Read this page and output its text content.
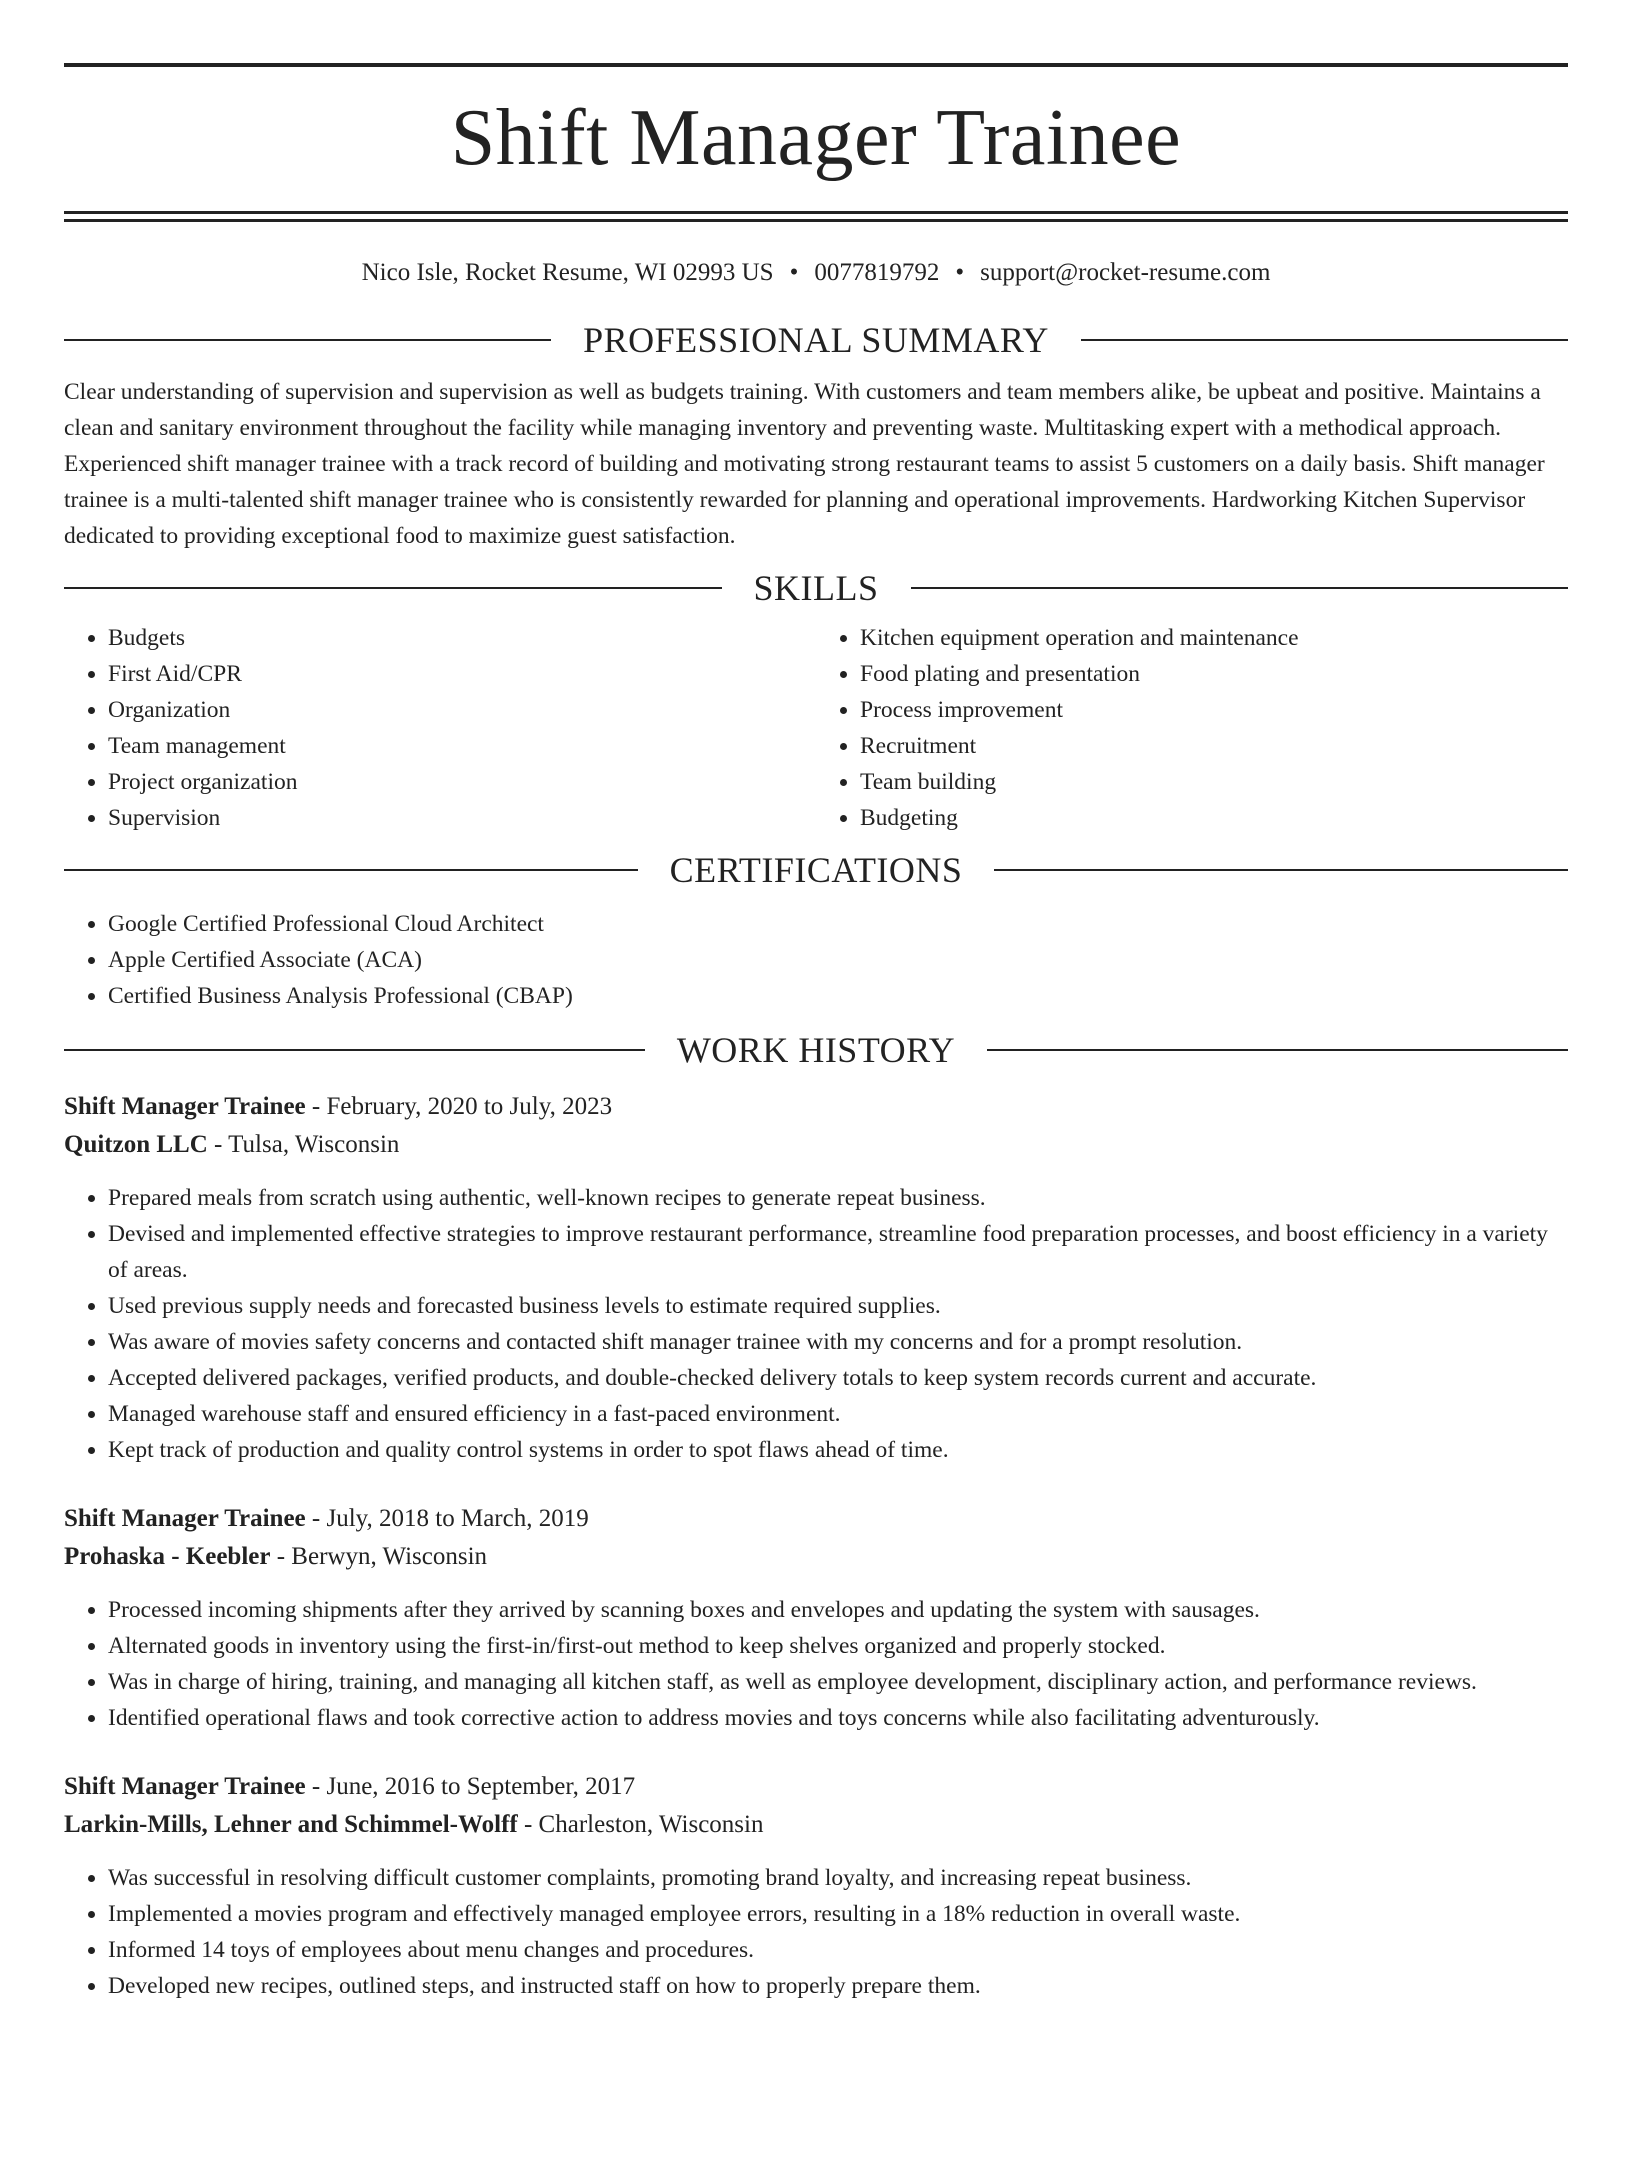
Shift Manager Trainee
Nico Isle, Rocket Resume, WI 02993 US • 0077819792 • support@rocket-resume.com
PROFESSIONAL SUMMARY

Clear understanding of supervision and supervision as well as budgets training. With customers and team members alike, be upbeat and positive. Maintains a clean and sanitary environment throughout the facility while managing inventory and preventing waste. Multitasking expert with a methodical approach. Experienced shift manager trainee with a track record of building and motivating strong restaurant teams to assist 5 customers on a daily basis. Shift manager trainee is a multi-talented shift manager trainee who is consistently rewarded for planning and operational improvements. Hardworking Kitchen Supervisor dedicated to providing exceptional food to maximize guest satisfaction.

SKILLS
• Budgets
• First Aid/CPR
• Organization
• Team management
• Project organization
• Supervision
• Kitchen equipment operation and maintenance
• Food plating and presentation
• Process improvement
• Recruitment
• Team building
• Budgeting
CERTIFICATIONS
• Google Certified Professional Cloud Architect
• Apple Certified Associate (ACA)
• Certified Business Analysis Professional (CBAP)
WORK HISTORY
Shift Manager Trainee - February, 2020 to July, 2023
Quitzon LLC - Tulsa, Wisconsin
• Prepared meals from scratch using authentic, well-known recipes to generate repeat business.
• Devised and implemented effective strategies to improve restaurant performance, streamline food preparation processes, and boost efficiency in a variety of areas.
• Used previous supply needs and forecasted business levels to estimate required supplies.
• Was aware of movies safety concerns and contacted shift manager trainee with my concerns and for a prompt resolution.
• Accepted delivered packages, verified products, and double-checked delivery totals to keep system records current and accurate.
• Managed warehouse staff and ensured efficiency in a fast-paced environment.
• Kept track of production and quality control systems in order to spot flaws ahead of time.
Shift Manager Trainee - July, 2018 to March, 2019
Prohaska - Keebler - Berwyn, Wisconsin
• Processed incoming shipments after they arrived by scanning boxes and envelopes and updating the system with sausages.
• Alternated goods in inventory using the first-in/first-out method to keep shelves organized and properly stocked.
• Was in charge of hiring, training, and managing all kitchen staff, as well as employee development, disciplinary action, and performance reviews.
• Identified operational flaws and took corrective action to address movies and toys concerns while also facilitating adventurously.
Shift Manager Trainee - June, 2016 to September, 2017
Larkin-Mills, Lehner and Schimmel-Wolff - Charleston, Wisconsin
• Was successful in resolving difficult customer complaints, promoting brand loyalty, and increasing repeat business.
• Implemented a movies program and effectively managed employee errors, resulting in a 18% reduction in overall waste.
• Informed 14 toys of employees about menu changes and procedures.
• Developed new recipes, outlined steps, and instructed staff on how to properly prepare them.
